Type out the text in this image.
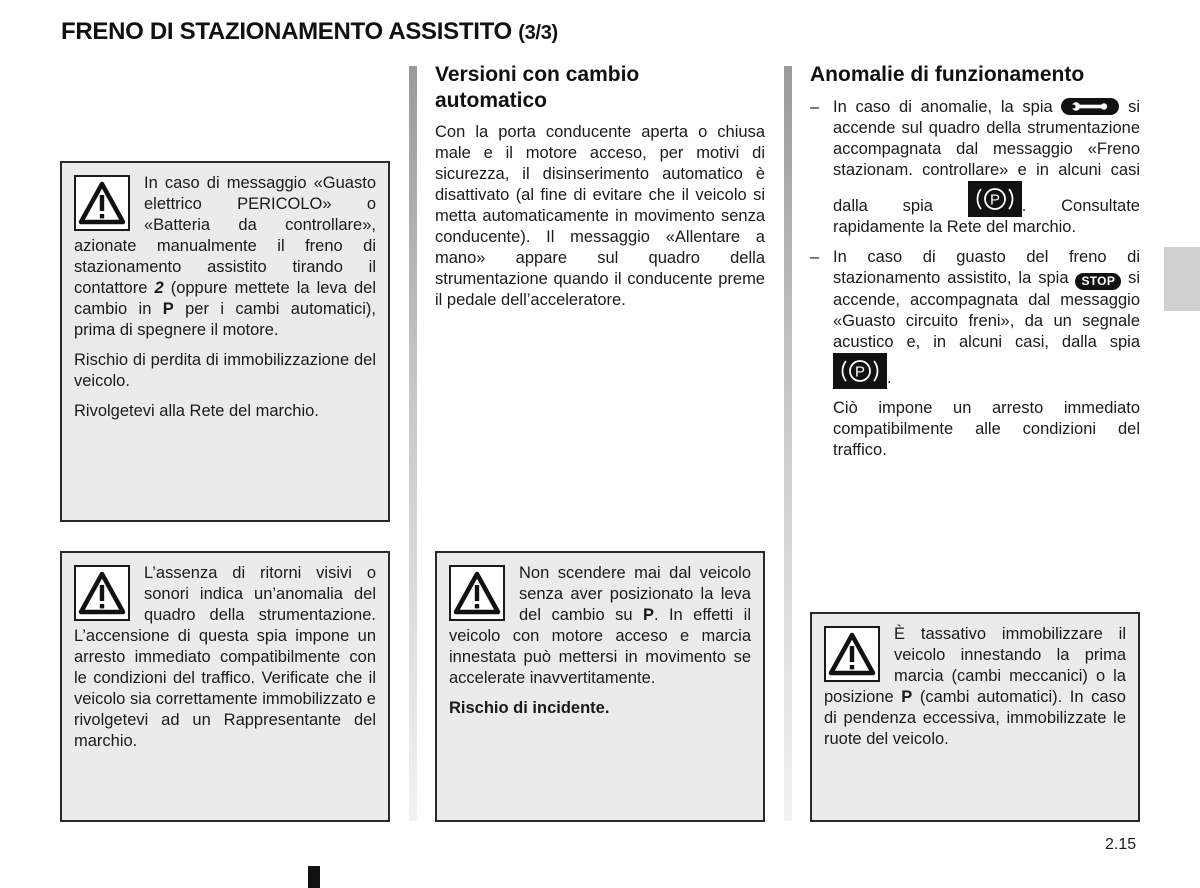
FRENO DI STAZIONAMENTO ASSISTITO (3/3)

In caso di messaggio «Guasto elettrico PERICOLO» o «Batteria da controllare», azionate manualmente il freno di stazionamento assistito tirando il contattore 2 (oppure mettete la leva del cambio in P per i cambi automatici), prima di spegnere il motore.

Rischio di perdita di immobilizzazione del veicolo.

Rivolgetevi alla Rete del marchio.

L’assenza di ritorni visivi o sonori indica un’anomalia del quadro della strumentazione. L’accensione di questa spia impone un arresto immediato compatibilmente con le condizioni del traffico. Verificate che il veicolo sia correttamente immobilizzato e rivolgetevi ad un Rappresentante del marchio.

Versioni con cambio automatico

Con la porta conducente aperta o chiusa male e il motore acceso, per motivi di sicurezza, il disinserimento automatico è disattivato (al fine di evitare che il veicolo si metta automaticamente in movimento senza conducente). Il messaggio «Allentare a mano» appare sul quadro della strumentazione quando il conducente preme il pedale dell’acceleratore.

Non scendere mai dal veicolo senza aver posizionato la leva del cambio su P. In effetti il veicolo con motore acceso e marcia innestata può mettersi in movimento se accelerate inavvertitamente.

Rischio di incidente.

Anomalie di funzionamento
– In caso di anomalie, la spia	si accende sul quadro della strumentazione accompagnata dal messaggio «Freno stazionam. controllare» e in alcuni casi dalla spia P . Consultate rapidamente la Rete del marchio.

– In caso di guasto del freno di stazionamento assistito, la spia STOP si accende, accompagnata dal messaggio «Guasto circuito freni», da un segnale acustico e, in alcuni casi, dalla spia
P .

Ciò impone un arresto immediato compatibilmente alle condizioni del traffico.

È tassativo immobilizzare il veicolo innestando la prima marcia (cambi meccanici) o la posizione P (cambi automatici). In caso di pendenza eccessiva, immobilizzate le ruote del veicolo.

2.15
